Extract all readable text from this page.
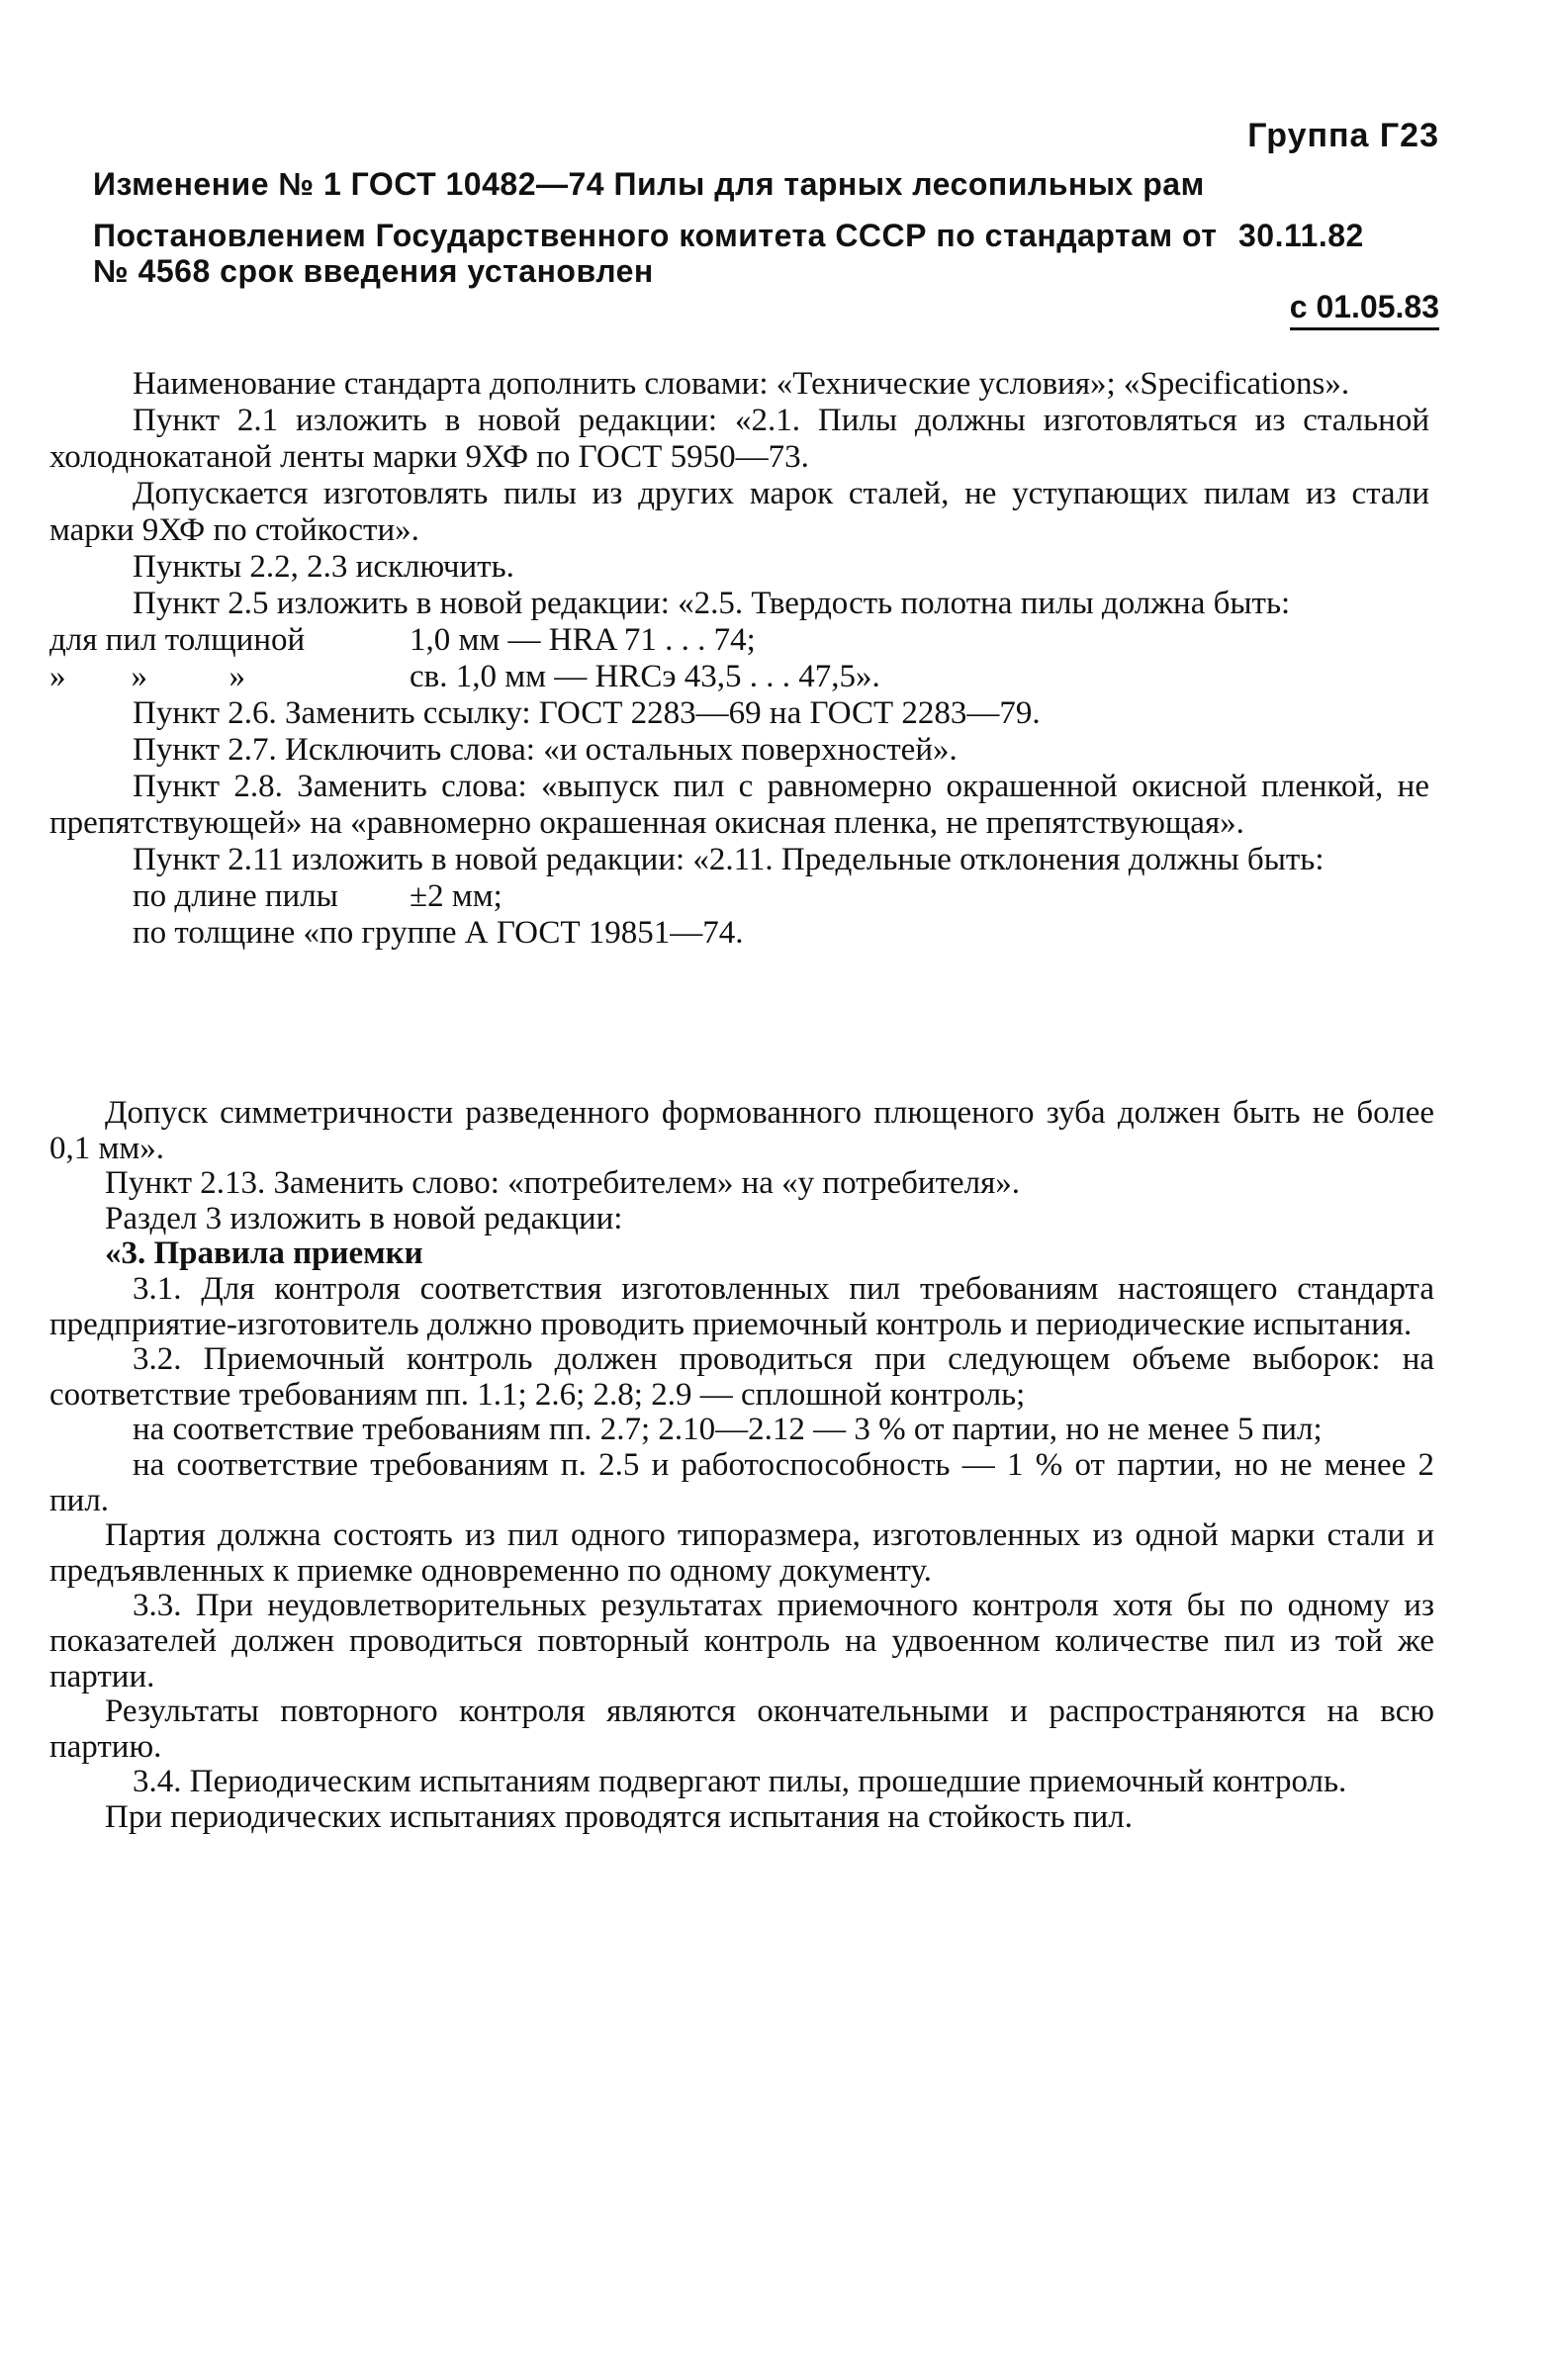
Группа Г23
Изменение № 1 ГОСТ 10482—74 Пилы для тарных лесопильных рам
Постановлением Государственного комитета СССР по стандартам от 30.11.82
№ 4568 срок введения установлен
с 01.05.83

Наименование стандарта дополнить словами: «Технические условия»; «Specifications».

Пункт 2.1 изложить в новой редакции: «2.1. Пилы должны изготовляться из стальной холоднокатаной ленты марки 9ХФ по ГОСТ 5950—73.

Допускается изготовлять пилы из других марок сталей, не уступающих пилам из стали марки 9ХФ по стойкости».

Пункты 2.2, 2.3 исключить.

Пункт 2.5 изложить в новой редакции: «2.5. Твердость полотна пилы должна быть:

для пил толщиной	1,0 мм — HRA 71 . . . 74;
»        »          »	св. 1,0 мм — HRCэ 43,5 . . . 47,5».

Пункт 2.6. Заменить ссылку: ГОСТ 2283—69 на ГОСТ 2283—79.

Пункт 2.7. Исключить слова: «и остальных поверхностей».

Пункт 2.8. Заменить слова: «выпуск пил с равномерно окрашенной окисной пленкой, не препятствующей» на «равномерно окрашенная окисная пленка, не препятствующая».

Пункт 2.11 изложить в новой редакции: «2.11. Предельные отклонения должны быть:

по длине пилы ±2 мм;
по толщине «по группе А ГОСТ 19851—74.

Допуск симметричности разведенного формованного плющеного зуба должен быть не более 0,1 мм».

Пункт 2.13. Заменить слово: «потребителем» на «у потребителя».

Раздел 3 изложить в новой редакции:

«3. Правила приемки

3.1. Для контроля соответствия изготовленных пил требованиям настоящего стандарта предприятие-изготовитель должно проводить приемочный контроль и периодические испытания.

3.2. Приемочный контроль должен проводиться при следующем объеме выборок: на соответствие требованиям пп. 1.1; 2.6; 2.8; 2.9 — сплошной контроль;

на соответствие требованиям пп. 2.7; 2.10—2.12 — 3 % от партии, но не менее 5 пил;

на соответствие требованиям п. 2.5 и работоспособность — 1 % от партии, но не менее 2 пил.

Партия должна состоять из пил одного типоразмера, изготовленных из одной марки стали и предъявленных к приемке одновременно по одному документу.

3.3. При неудовлетворительных результатах приемочного контроля хотя бы по одному из показателей должен проводиться повторный контроль на удвоенном количестве пил из той же партии.

Результаты повторного контроля являются окончательными и распространяются на всю партию.

3.4. Периодическим испытаниям подвергают пилы, прошедшие приемочный контроль.

При периодических испытаниях проводятся испытания на стойкость пил.
